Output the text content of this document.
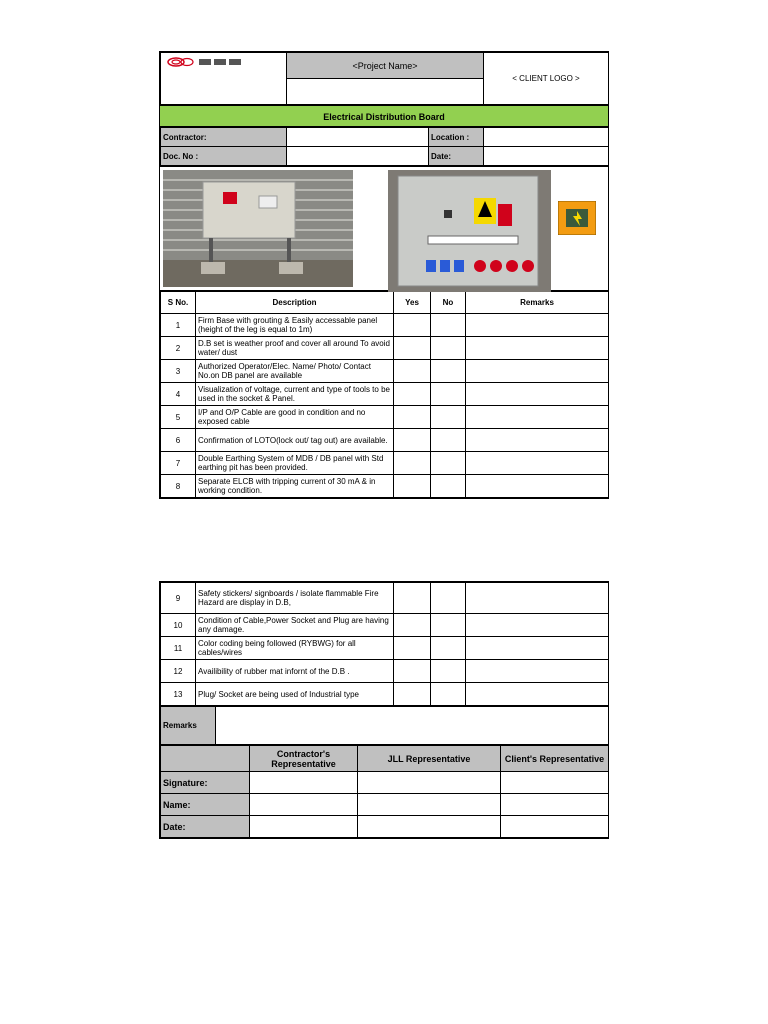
	<Project Name>	< CLIENT LOGO >

Electrical Distribution Board
Contractor:		Location :	
Doc. No :		Date:	
S No.	Description	Yes	No	Remarks
1	Firm Base with grouting & Easily accessable panel (height of the leg is equal to 1m)			
2	D.B set is weather proof and cover all around To avoid water/ dust			
3	Authorized Operator/Elec. Name/ Photo/ Contact No.on DB panel are available			
4	Visualization of voltage, current and type of tools to be used in the socket & Panel.			
5	I/P and O/P Cable are good in condition and no exposed cable			
6	Confirmation of LOTO(lock out/ tag out) are available.			
7	Double Earthing System of MDB / DB panel with Std earthing pit has been provided.			
8	Separate ELCB with tripping current of 30 mA & in working condition.			
9	Safety stickers/ signboards / isolate flammable Fire Hazard are display in D.B,			
10	Condition of Cable,Power Socket and Plug are having any damage.			
11	Color coding being followed (RYBWG) for all cables/wires			
12	Availibility of rubber mat infornt of the D.B .			
13	Plug/ Socket are being used of Industrial type			
Remarks	
	Contractor's Representative	JLL Representative	Client's Representative
Signature:			
Name:			
Date:			
